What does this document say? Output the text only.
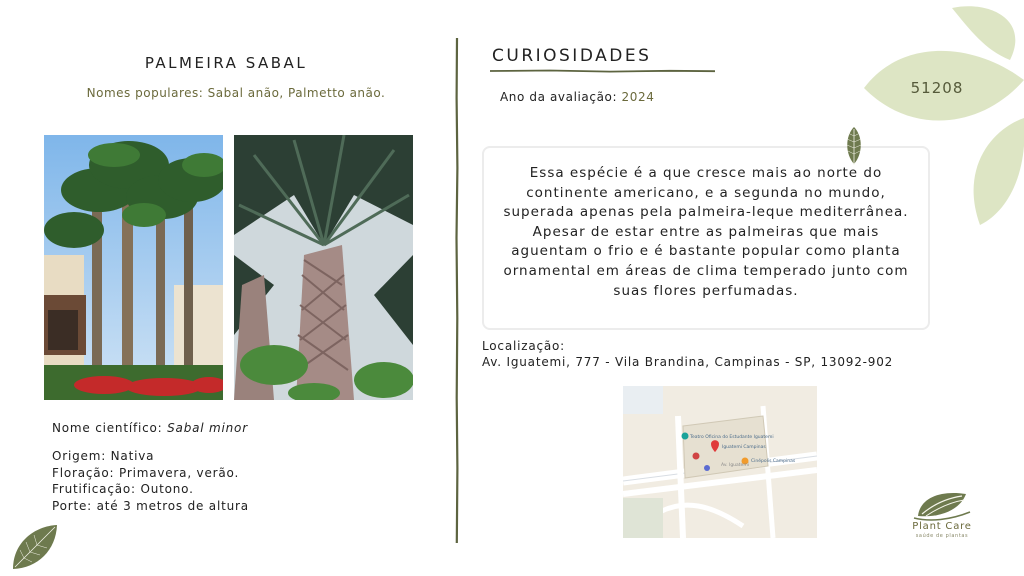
PALMEIRA SABAL
Nomes populares: Sabal anão, Palmetto anão.
Nome científico: Sabal minor
Origem: Nativa
Floração: Primavera, verão.
Frutificação: Outono.
Porte: até 3 metros de altura
CURIOSIDADES
Ano da avaliação: 2024

Essa espécie é a que cresce mais ao norte do continente americano, e a segunda no mundo, superada apenas pela palmeira-leque mediterrânea. Apesar de estar entre as palmeiras que mais aguentam o frio e é bastante popular como planta ornamental em áreas de clima temperado junto com suas flores perfumadas.

Localização:
Av. Iguatemi, 777 - Vila Brandina, Campinas - SP, 13092-902
Teatro Oficina do Estudante Iguatemi
Iguatemi Campinas
Cinépolis Campinas
Av. Iguatemi
51208
Plant Care
saúde de plantas
